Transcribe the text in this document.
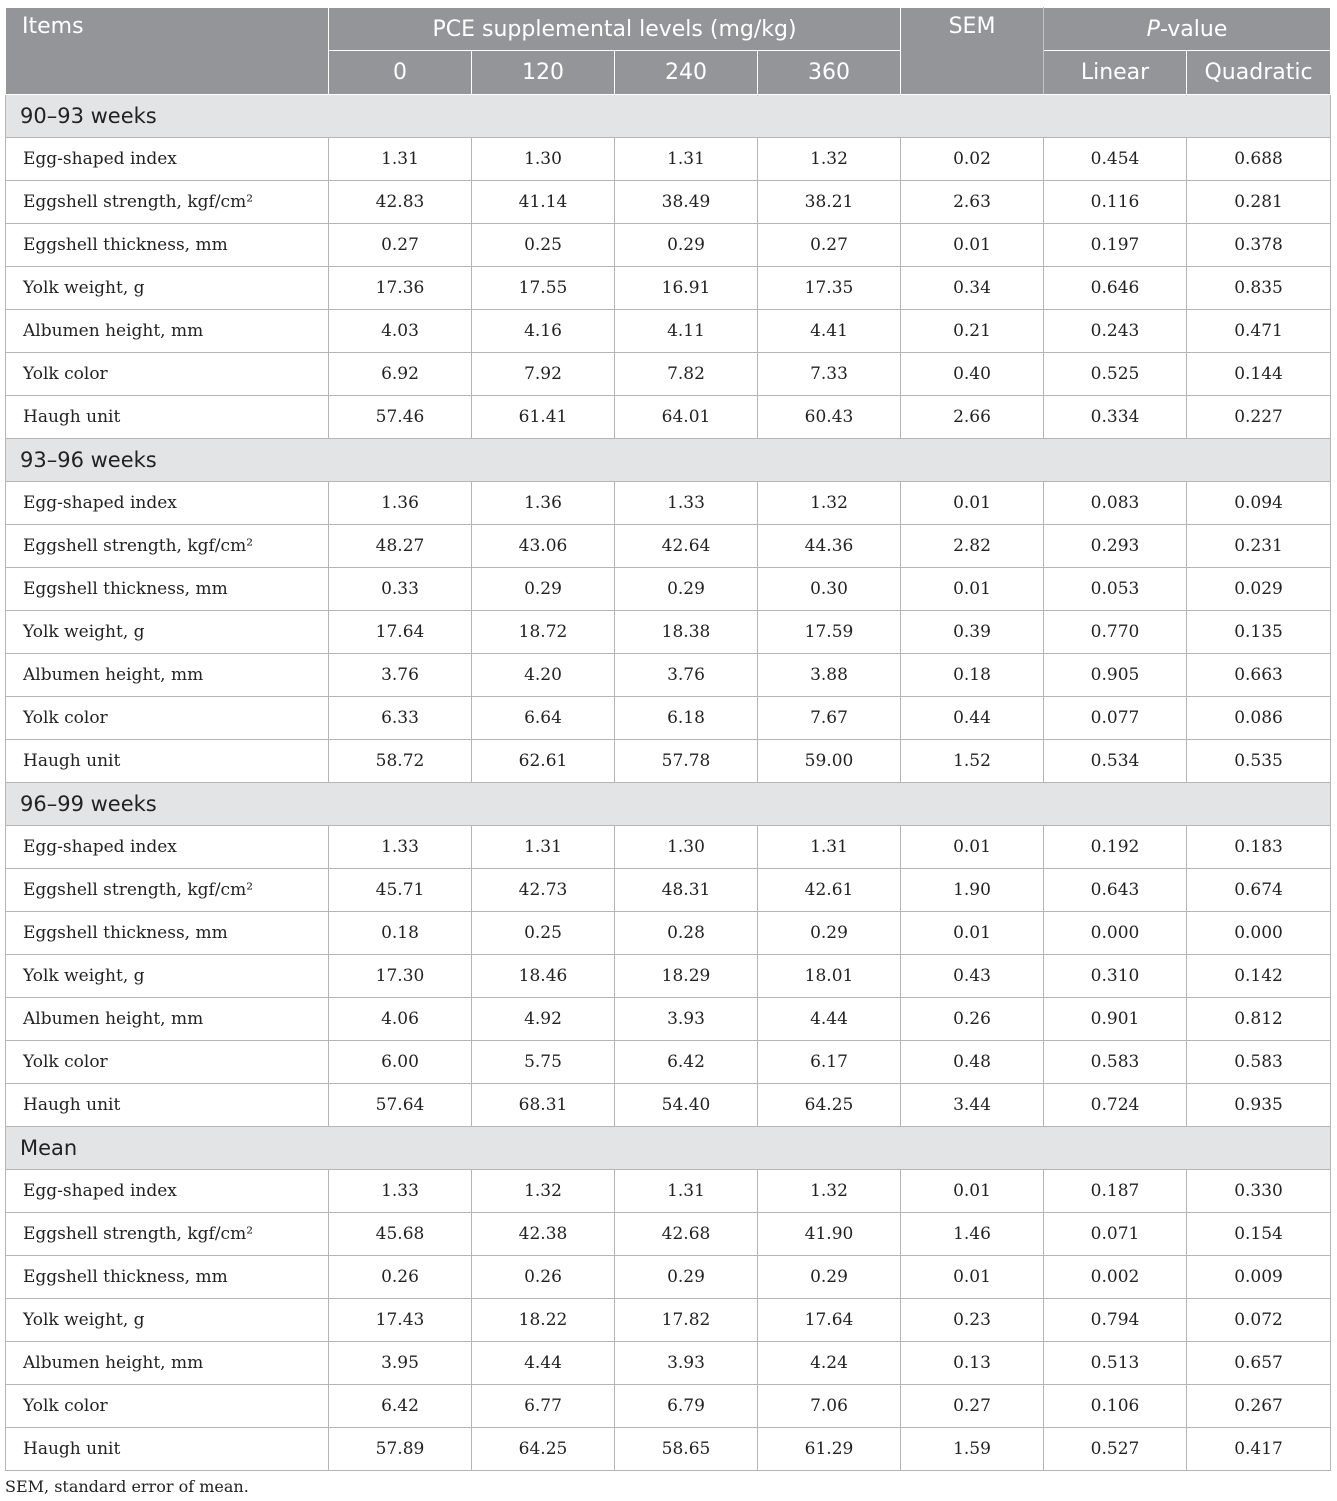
Items	PCE supplemental levels (mg/kg)				SEM	P-value	
	0	120	240	360		Linear	Quadratic
90–93 weeks							
Egg-shaped index	1.31	1.30	1.31	1.32	0.02	0.454	0.688
Eggshell strength, kgf/cm²	42.83	41.14	38.49	38.21	2.63	0.116	0.281
Eggshell thickness, mm	0.27	0.25	0.29	0.27	0.01	0.197	0.378
Yolk weight, g	17.36	17.55	16.91	17.35	0.34	0.646	0.835
Albumen height, mm	4.03	4.16	4.11	4.41	0.21	0.243	0.471
Yolk color	6.92	7.92	7.82	7.33	0.40	0.525	0.144
Haugh unit	57.46	61.41	64.01	60.43	2.66	0.334	0.227
93–96 weeks							
Egg-shaped index	1.36	1.36	1.33	1.32	0.01	0.083	0.094
Eggshell strength, kgf/cm²	48.27	43.06	42.64	44.36	2.82	0.293	0.231
Eggshell thickness, mm	0.33	0.29	0.29	0.30	0.01	0.053	0.029
Yolk weight, g	17.64	18.72	18.38	17.59	0.39	0.770	0.135
Albumen height, mm	3.76	4.20	3.76	3.88	0.18	0.905	0.663
Yolk color	6.33	6.64	6.18	7.67	0.44	0.077	0.086
Haugh unit	58.72	62.61	57.78	59.00	1.52	0.534	0.535
96–99 weeks							
Egg-shaped index	1.33	1.31	1.30	1.31	0.01	0.192	0.183
Eggshell strength, kgf/cm²	45.71	42.73	48.31	42.61	1.90	0.643	0.674
Eggshell thickness, mm	0.18	0.25	0.28	0.29	0.01	0.000	0.000
Yolk weight, g	17.30	18.46	18.29	18.01	0.43	0.310	0.142
Albumen height, mm	4.06	4.92	3.93	4.44	0.26	0.901	0.812
Yolk color	6.00	5.75	6.42	6.17	0.48	0.583	0.583
Haugh unit	57.64	68.31	54.40	64.25	3.44	0.724	0.935
Mean							
Egg-shaped index	1.33	1.32	1.31	1.32	0.01	0.187	0.330
Eggshell strength, kgf/cm²	45.68	42.38	42.68	41.90	1.46	0.071	0.154
Eggshell thickness, mm	0.26	0.26	0.29	0.29	0.01	0.002	0.009
Yolk weight, g	17.43	18.22	17.82	17.64	0.23	0.794	0.072
Albumen height, mm	3.95	4.44	3.93	4.24	0.13	0.513	0.657
Yolk color	6.42	6.77	6.79	7.06	0.27	0.106	0.267
Haugh unit	57.89	64.25	58.65	61.29	1.59	0.527	0.417
SEM, standard error of mean.
